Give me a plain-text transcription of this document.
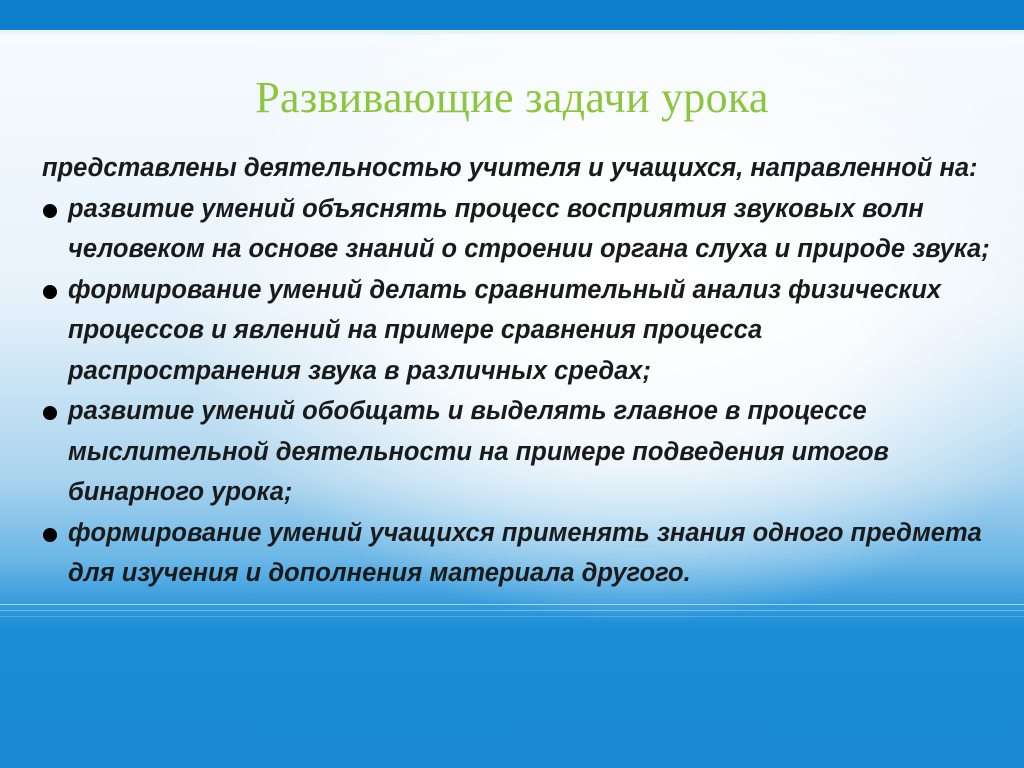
Развивающие задачи урока

представлены деятельностью учителя и учащихся, направленной на:

развитие умений объяснять процесс восприятия звуковых волн человеком на основе знаний о строении органа слуха и природе звука;

формирование умений делать сравнительный анализ физических процессов и явлений на примере сравнения процесса распространения звука в различных средах;

развитие умений обобщать и выделять главное в процессе мыслительной деятельности на примере подведения итогов бинарного урока;

формирование умений учащихся применять знания одного предмета для изучения и дополнения материала другого.
